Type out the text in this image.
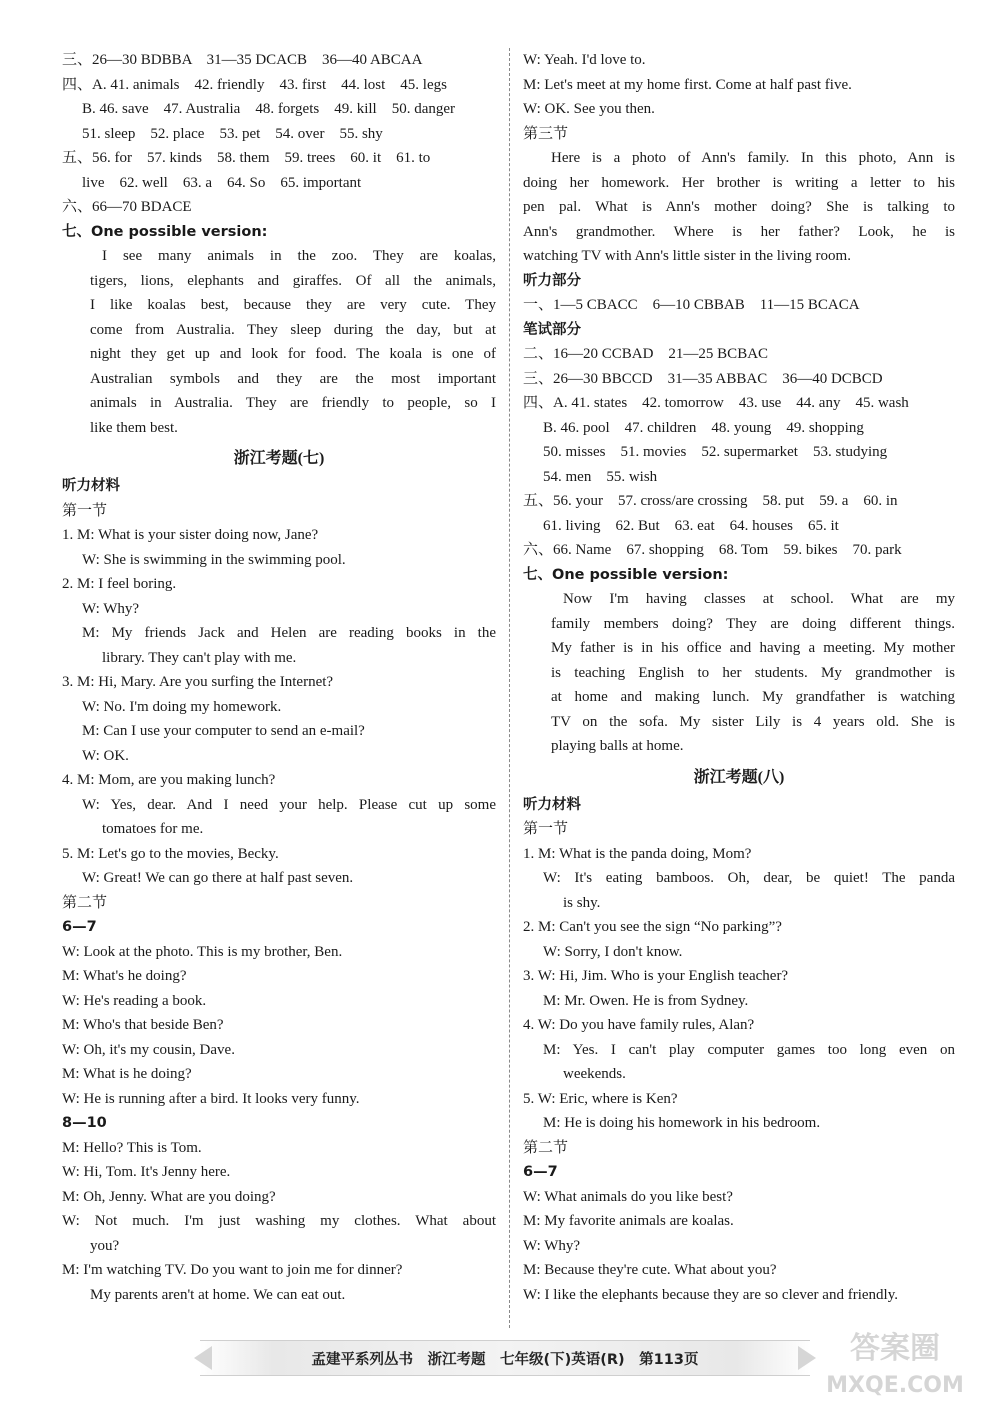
三、26—30 BDBBA　31—35 DCACB　36—40 ABCAA
四、A. 41. animals　42. friendly　43. first　44. lost　45. legs
B. 46. save　47. Australia　48. forgets　49. kill　50. danger
51. sleep　52. place　53. pet　54. over　55. shy
五、56. for　57. kinds　58. them　59. trees　60. it　61. to
live　62. well　63. a　64. So　65. important
六、66—70 BDACE
七、One possible version:
I see many animals in the zoo. They are koalas,
tigers, lions, elephants and giraffes. Of all the animals,
I like koalas best, because they are very cute. They
come from Australia. They sleep during the day, but at
night they get up and look for food. The koala is one of
Australian symbols and they are the most important
animals in Australia. They are friendly to people, so I
like them best.
浙江考题(七)
听力材料
第一节
1. M: What is your sister doing now, Jane?
W: She is swimming in the swimming pool.
2. M: I feel boring.
W: Why?
M: My friends Jack and Helen are reading books in the
library. They can't play with me.
3. M: Hi, Mary. Are you surfing the Internet?
W: No. I'm doing my homework.
M: Can I use your computer to send an e-mail?
W: OK.
4. M: Mom, are you making lunch?
W: Yes, dear. And I need your help. Please cut up some
tomatoes for me.
5. M: Let's go to the movies, Becky.
W: Great! We can go there at half past seven.
第二节
6—7
W: Look at the photo. This is my brother, Ben.
M: What's he doing?
W: He's reading a book.
M: Who's that beside Ben?
W: Oh, it's my cousin, Dave.
M: What is he doing?
W: He is running after a bird. It looks very funny.
8—10
M: Hello? This is Tom.
W: Hi, Tom. It's Jenny here.
M: Oh, Jenny. What are you doing?
W: Not much. I'm just washing my clothes. What about
you?
M: I'm watching TV. Do you want to join me for dinner?
My parents aren't at home. We can eat out.
W: Yeah. I'd love to.
M: Let's meet at my home first. Come at half past five.
W: OK. See you then.
第三节
Here is a photo of Ann's family. In this photo, Ann is
doing her homework. Her brother is writing a letter to his
pen pal. What is Ann's mother doing? She is talking to
Ann's grandmother. Where is her father? Look, he is
watching TV with Ann's little sister in the living room.
听力部分
一、1—5 CBACC　6—10 CBBAB　11—15 BCACA
笔试部分
二、16—20 CCBAD　21—25 BCBAC
三、26—30 BBCCD　31—35 ABBAC　36—40 DCBCD
四、A. 41. states　42. tomorrow　43. use　44. any　45. wash
B. 46. pool　47. children　48. young　49. shopping
50. misses　51. movies　52. supermarket　53. studying
54. men　55. wish
五、56. your　57. cross/are crossing　58. put　59. a　60. in
61. living　62. But　63. eat　64. houses　65. it
六、66. Name　67. shopping　68. Tom　59. bikes　70. park
七、One possible version:
Now I'm having classes at school. What are my
family members doing? They are doing different things.
My father is in his office and having a meeting. My mother
is teaching English to her students. My grandmother is
at home and making lunch. My grandfather is watching
TV on the sofa. My sister Lily is 4 years old. She is
playing balls at home.
浙江考题(八)
听力材料
第一节
1. M: What is the panda doing, Mom?
W: It's eating bamboos. Oh, dear, be quiet! The panda
is shy.
2. M: Can't you see the sign “No parking”?
W: Sorry, I don't know.
3. W: Hi, Jim. Who is your English teacher?
M: Mr. Owen. He is from Sydney.
4. W: Do you have family rules, Alan?
M: Yes. I can't play computer games too long even on
weekends.
5. W: Eric, where is Ken?
M: He is doing his homework in his bedroom.
第二节
6—7
W: What animals do you like best?
M: My favorite animals are koalas.
W: Why?
M: Because they're cute. What about you?
W: I like the elephants because they are so clever and friendly.
孟建平系列丛书　浙江考题　七年级(下)英语(R)　第113页	答案圈
MXQE.COM
